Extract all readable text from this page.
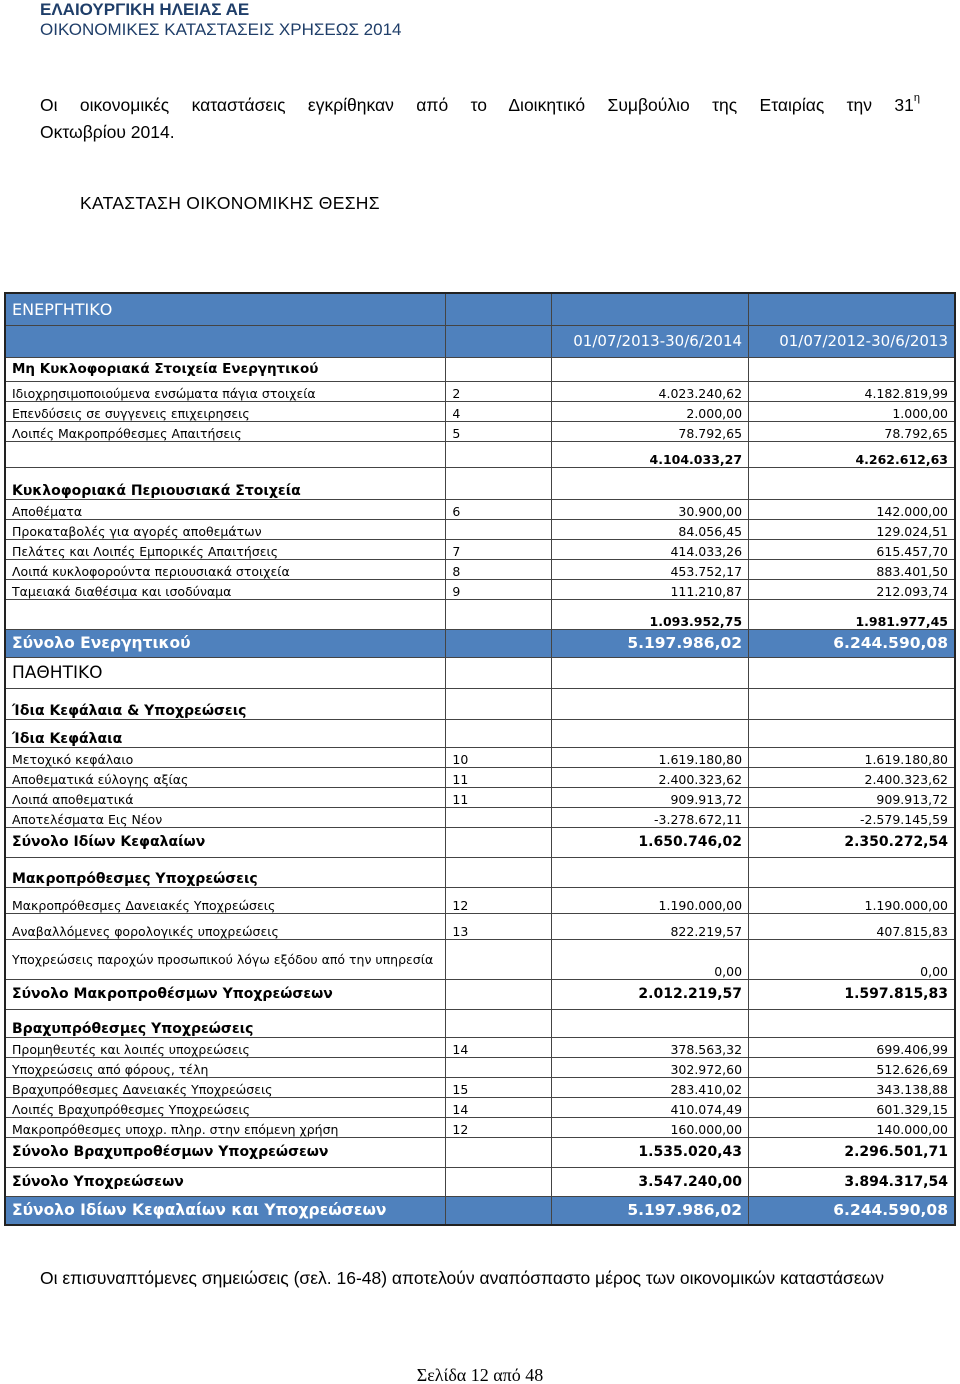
ΕΛΑΙΟΥΡΓΙΚΗ ΗΛΕΙΑΣ ΑΕ
ΟΙΚΟΝΟΜΙΚΕΣ ΚΑΤΑΣΤΑΣΕΙΣ ΧΡΗΣΕΩΣ 2014
Οι οικονομικές καταστάσεις εγκρίθηκαν από το Διοικητικό Συμβούλιο της Εταιρίας την $31^\eta$
Οκτωβρίου 2014.
ΚΑΤΑΣΤΑΣΗ ΟΙΚΟΝΟΜΙΚΗΣ ΘΕΣΗΣ
ΕΝΕΡΓΗΤΙΚΟ			
		01/07/2013-30/6/2014	01/07/2012-30/6/2013
Μη Κυκλοφοριακά Στοιχεία Ενεργητικού			
Ιδιοχρησιμοποιούμενα ενσώματα πάγια στοιχεία	2	4.023.240,62	4.182.819,99
Επενδύσεις σε συγγενεις επιχειρησεις	4	2.000,00	1.000,00
Λοιπές Μακροπρόθεσμες Απαιτήσεις	5	78.792,65	78.792,65
		4.104.033,27	4.262.612,63
Κυκλοφοριακά Περιουσιακά Στοιχεία			
Αποθέματα	6	30.900,00	142.000,00
Προκαταβολές για αγορές αποθεμάτων		84.056,45	129.024,51
Πελάτες και Λοιπές Εμπορικές Απαιτήσεις	7	414.033,26	615.457,70
Λοιπά κυκλοφορούντα περιουσιακά στοιχεία	8	453.752,17	883.401,50
Ταμειακά διαθέσιμα και ισοδύναμα	9	111.210,87	212.093,74
		1.093.952,75	1.981.977,45
Σύνολο Ενεργητικού		5.197.986,02	6.244.590,08
ΠΑΘΗΤΙΚΟ			
Ίδια Κεφάλαια & Υποχρεώσεις			
Ίδια Κεφάλαια			
Μετοχικό κεφάλαιο	10	1.619.180,80	1.619.180,80
Αποθεματικά εύλογης αξίας	11	2.400.323,62	2.400.323,62
Λοιπά αποθεματικά	11	909.913,72	909.913,72
Αποτελέσματα Εις Νέον		-3.278.672,11	-2.579.145,59
Σύνολο Ιδίων Κεφαλαίων		1.650.746,02	2.350.272,54
Μακροπρόθεσμες Υποχρεώσεις			
Μακροπρόθεσμες Δανειακές Υποχρεώσεις	12	1.190.000,00	1.190.000,00
Αναβαλλόμενες φορολογικές υποχρεώσεις	13	822.219,57	407.815,83
Υποχρεώσεις παροχών προσωπικού λόγω εξόδου από την υπηρεσία		0,00	0,00
Σύνολο Μακροπροθέσμων Υποχρεώσεων		2.012.219,57	1.597.815,83
Βραχυπρόθεσμες Υποχρεώσεις			
Προμηθευτές και λοιπές υποχρεώσεις	14	378.563,32	699.406,99
Υποχρεώσεις από φόρους, τέλη		302.972,60	512.626,69
Βραχυπρόθεσμες Δανειακές Υποχρεώσεις	15	283.410,02	343.138,88
Λοιπές Βραχυπρόθεσμες Υποχρεώσεις	14	410.074,49	601.329,15
Μακροπρόθεσμες υποχρ. πληρ. στην επόμενη χρήση	12	160.000,00	140.000,00
Σύνολο Βραχυπροθέσμων Υποχρεώσεων		1.535.020,43	2.296.501,71
Σύνολο Υποχρεώσεων		3.547.240,00	3.894.317,54
Σύνολο Ιδίων Κεφαλαίων και Υποχρεώσεων		5.197.986,02	6.244.590,08
Οι επισυναπτόμενες σημειώσεις (σελ. 16-48) αποτελούν αναπόσπαστο μέρος των οικονομικών καταστάσεων
Σελίδα 12 από 48
